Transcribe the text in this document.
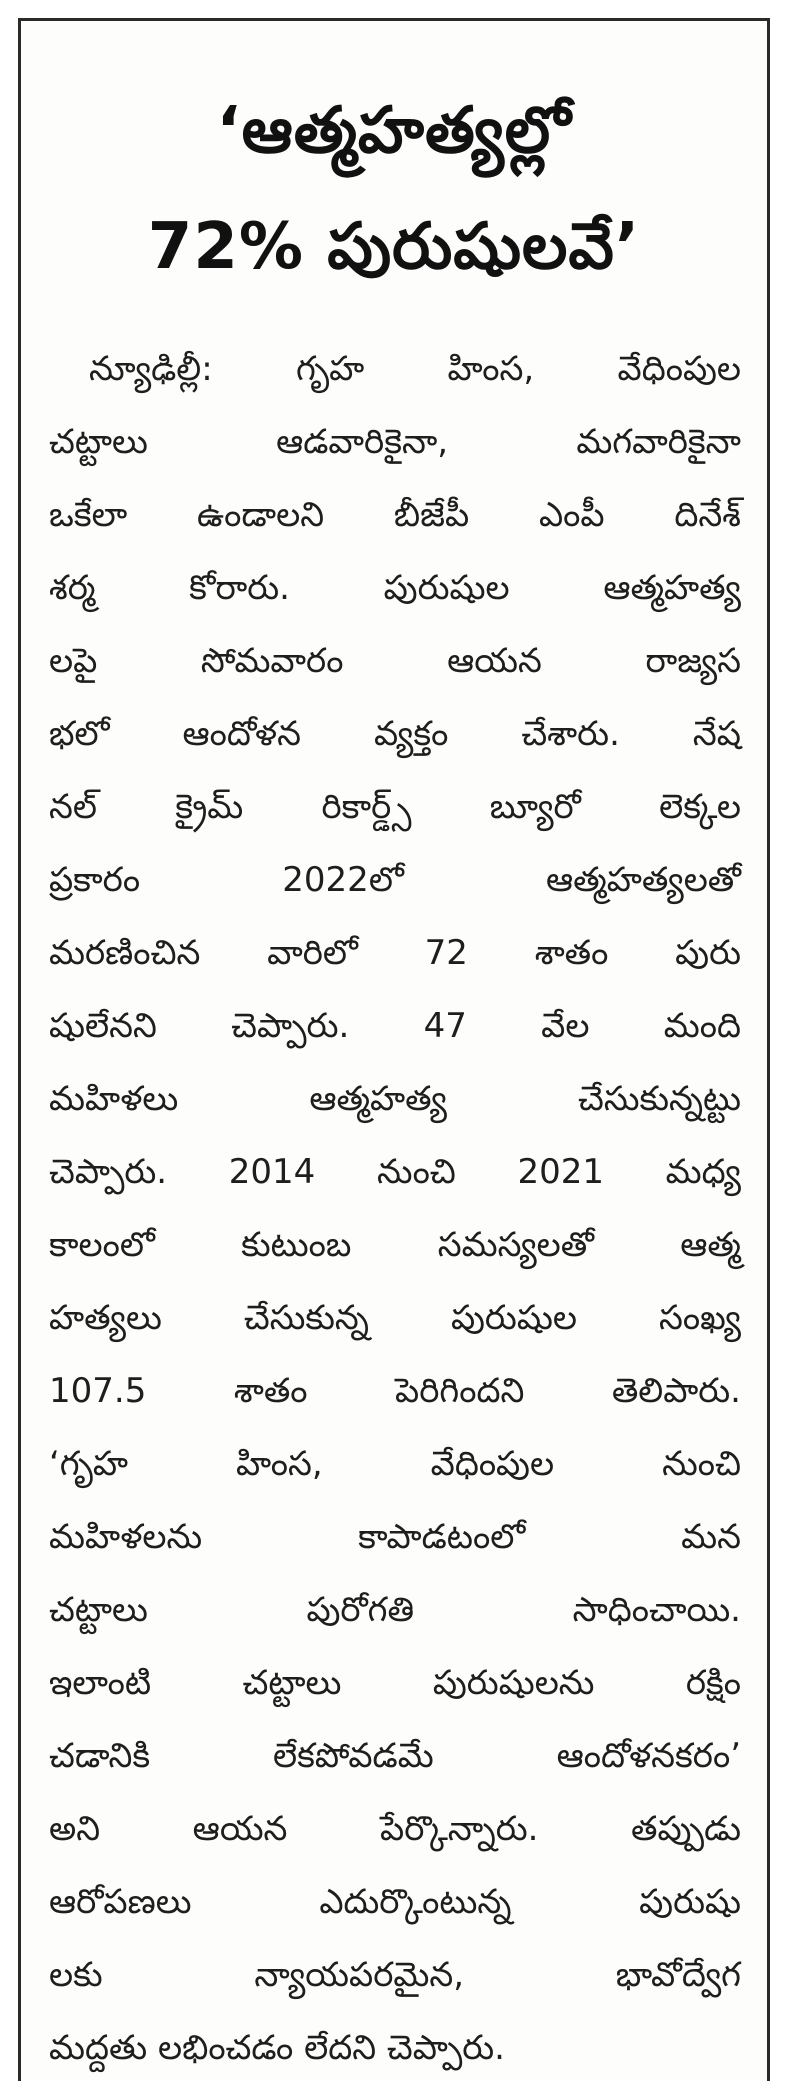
‘ఆత్మహత్యల్లో
72% పురుషులవే’
న్యూఢిల్లీ: గృహ హింస, వేధింపుల
చట్టాలు ఆడవారికైనా, మగవారికైనా
ఒకేలా ఉండాలని బీజేపీ ఎంపీ దినేశ్
శర్మ కోరారు. పురుషుల ఆత్మహత్య
లపై సోమవారం ఆయన రాజ్యస
భలో ఆందోళన వ్యక్తం చేశారు. నేష
నల్ క్రైమ్ రికార్డ్స్ బ్యూరో లెక్కల
ప్రకారం 2022లో ఆత్మహత్యలతో
మరణించిన వారిలో 72 శాతం పురు
షులేనని చెప్పారు. 47 వేల మంది
మహిళలు ఆత్మహత్య చేసుకున్నట్టు
చెప్పారు. 2014 నుంచి 2021 మధ్య
కాలంలో కుటుంబ సమస్యలతో ఆత్మ
హత్యలు చేసుకున్న పురుషుల సంఖ్య
107.5 శాతం పెరిగిందని తెలిపారు.
‘గృహ హింస, వేధింపుల నుంచి
మహిళలను కాపాడటంలో మన
చట్టాలు పురోగతి సాధించాయి.
ఇలాంటి చట్టాలు పురుషులను రక్షిం
చడానికి లేకపోవడమే ఆందోళనకరం’
అని ఆయన పేర్కొన్నారు. తప్పుడు
ఆరోపణలు ఎదుర్కొంటున్న పురుషు
లకు న్యాయపరమైన, భావోద్వేగ
మద్దతు లభించడం లేదని చెప్పారు.
